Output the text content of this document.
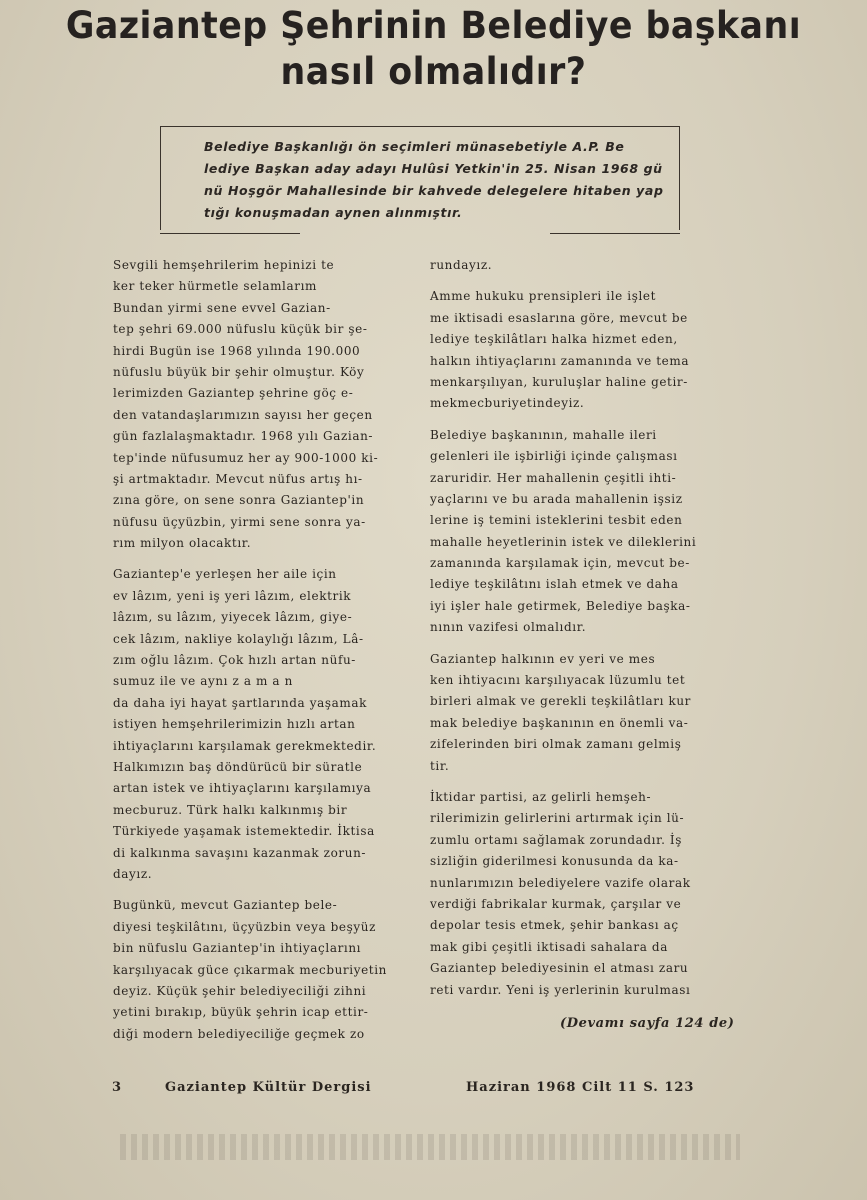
Gaziantep Şehrinin Belediye başkanı
nasıl olmalıdır?
Belediye Başkanlığı ön seçimleri münasebetiyle A.P. Be
lediye Başkan aday adayı Hulûsi Yetkin'in 25. Nisan 1968 gü
nü Hoşgör Mahallesinde bir kahvede delegelere hitaben yap
tığı konuşmadan aynen alınmıştır.
Sevgili hemşehrilerim hepinizi te
ker teker hürmetle selamlarım
Bundan yirmi sene evvel Gazian-
tep şehri 69.000 nüfuslu küçük bir şe-
hirdi Bugün ise 1968 yılında 190.000
nüfuslu büyük bir şehir olmuştur. Köy
lerimizden Gaziantep şehrine göç e-
den vatandaşlarımızın sayısı her geçen
gün fazlalaşmaktadır. 1968 yılı Gazian-
tep'inde nüfusumuz her ay 900-1000 ki-
şi artmaktadır. Mevcut nüfus artış hı-
zına göre, on sene sonra Gaziantep'in
nüfusu üçyüzbin, yirmi sene sonra ya-
rım milyon olacaktır.
Gaziantep'e yerleşen her aile için
ev lâzım, yeni iş yeri lâzım, elektrik
lâzım, su lâzım, yiyecek lâzım, giye-
cek lâzım, nakliye kolaylığı lâzım, Lâ-
zım oğlu lâzım. Çok hızlı artan nüfu-
sumuz ile ve aynı z a m a n
da daha iyi hayat şartlarında yaşamak
istiyen hemşehrilerimizin hızlı artan
ihtiyaçlarını karşılamak gerekmektedir.
Halkımızın baş döndürücü bir süratle
artan istek ve ihtiyaçlarını karşılamıya
mecburuz. Türk halkı kalkınmış bir
Türkiyede yaşamak istemektedir. İktisa
di kalkınma savaşını kazanmak zorun-
dayız.
Bugünkü, mevcut Gaziantep bele-
diyesi teşkilâtını, üçyüzbin veya beşyüz
bin nüfuslu Gaziantep'in ihtiyaçlarını
karşılıyacak güce çıkarmak mecburiyetin
deyiz. Küçük şehir belediyeciliği zihni
yetini bırakıp, büyük şehrin icap ettir-
diği modern belediyeciliğe geçmek zo
rundayız.
Amme hukuku prensipleri ile işlet
me iktisadi esaslarına göre, mevcut be
lediye teşkilâtları halka hizmet eden,
halkın ihtiyaçlarını zamanında ve tema
menkarşılıyan, kuruluşlar haline getir-
mekmecburiyetindeyiz.
Belediye başkanının, mahalle ileri
gelenleri ile işbirliği içinde çalışması
zaruridir. Her mahallenin çeşitli ihti-
yaçlarını ve bu arada mahallenin işsiz
lerine iş temini isteklerini tesbit eden
mahalle heyetlerinin istek ve dileklerini
zamanında karşılamak için, mevcut be-
lediye teşkilâtını islah etmek ve daha
iyi işler hale getirmek, Belediye başka-
nının vazifesi olmalıdır.
Gaziantep halkının ev yeri ve mes
ken ihtiyacını karşılıyacak lüzumlu tet
birleri almak ve gerekli teşkilâtları kur
mak belediye başkanının en önemli va-
zifelerinden biri olmak zamanı gelmiş
tir.
İktidar partisi, az gelirli hemşeh-
rilerimizin gelirlerini artırmak için lü-
zumlu ortamı sağlamak zorundadır. İş
sizliğin giderilmesi konusunda da ka-
nunlarımızın belediyelere vazife olarak
verdiği fabrikalar kurmak, çarşılar ve
depolar tesis etmek, şehir bankası aç
mak gibi çeşitli iktisadi sahalara da
Gaziantep belediyesinin el atması zaru
reti vardır. Yeni iş yerlerinin kurulması
(Devamı sayfa 124 de)
3	Gaziantep Kültür Dergisi	Haziran 1968 Cilt 11 S. 123
